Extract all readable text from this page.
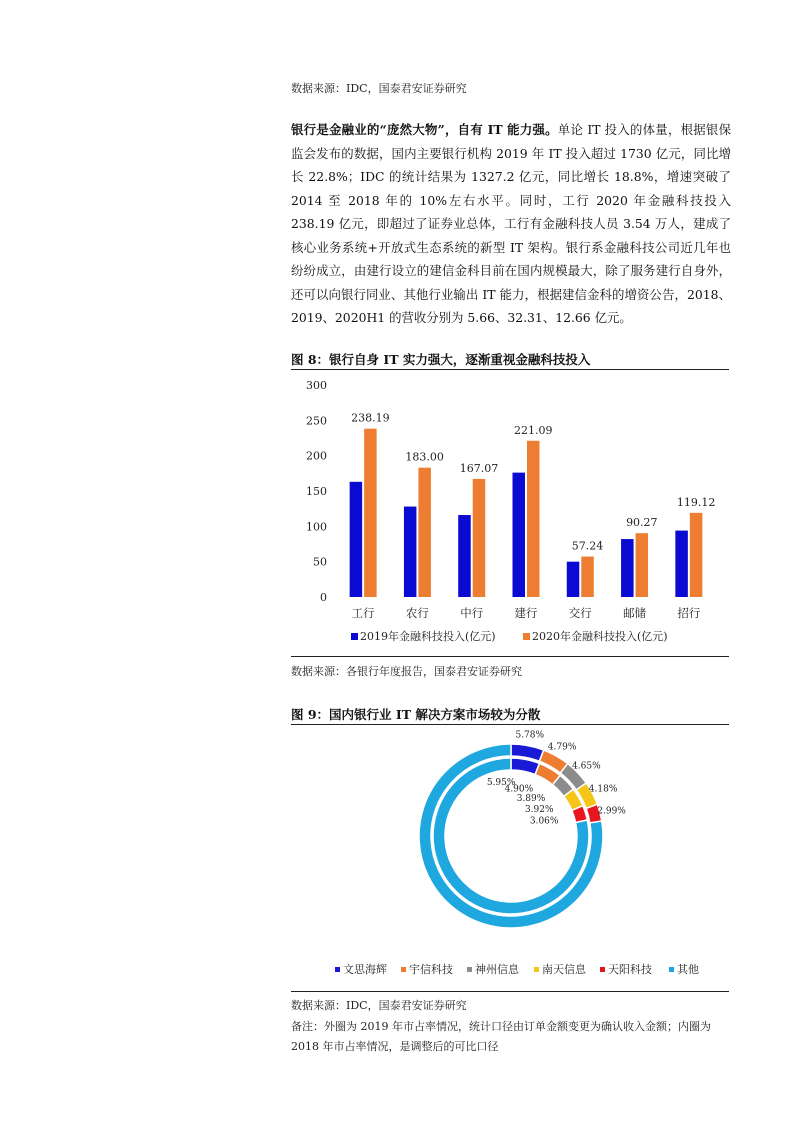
数据来源：IDC，国泰君安证券研究
银行是金融业的“庞然大物”，自有 IT 能力强。单论 IT 投入的体量，根据银保监会发布的数据，国内主要银行机构 2019 年 IT 投入超过 1730 亿元，同比增长 22.8%；IDC 的统计结果为 1327.2 亿元，同比增长 18.8%，增速突破了 2014 至 2018 年的 10%左右水平。同时，工行 2020 年金融科技投入 238.19 亿元，即超过了证券业总体，工行有金融科技人员 3.54 万人，建成了核心业务系统+开放式生态系统的新型 IT 架构。银行系金融科技公司近几年也纷纷成立，由建行设立的建信金科目前在国内规模最大，除了服务建行自身外，还可以向银行同业、其他行业输出 IT 能力，根据建信金科的增资公告，2018、2019、2020H1 的营收分别为 5.66、32.31、12.66 亿元。
图 8：银行自身 IT 实力强大，逐渐重视金融科技投入
300
250
200
150
100
50
0
238.19
183.00
167.07
221.09
57.24
90.27
119.12
工行	农行	中行	建行	交行	邮储	招行
2019年金融科技投入(亿元)	2020年金融科技投入(亿元)
数据来源：各银行年度报告，国泰君安证券研究
图 9：国内银行业 IT 解决方案市场较为分散
5.78%
4.79%
4.65%
4.18%
2.99%
5.95%
4.90%
3.89%
3.92%
3.06%
文思海辉 宇信科技 神州信息 南天信息 天阳科技 其他
数据来源：IDC，国泰君安证券研究
备注：外圈为 2019 年市占率情况，统计口径由订单金额变更为确认收入金额；内圈为 2018 年市占率情况，是调整后的可比口径
